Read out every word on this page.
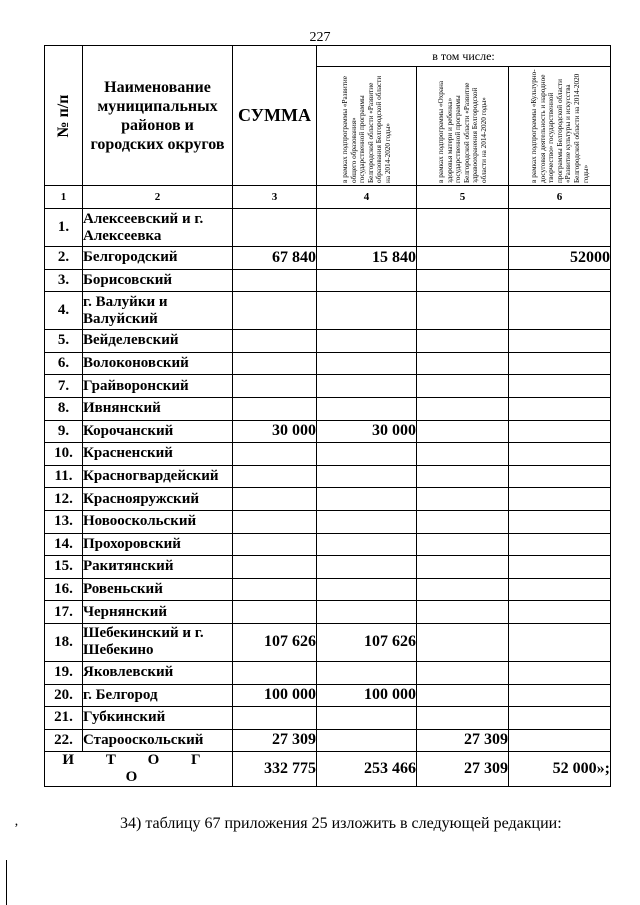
227
№ п/п	Наименование муниципальных районов и городских округов	СУММА	в том числе:		

			в рамках подпрограммы «Развитие общего образования» государственной программы Белгородской области «Развитие образования Белгородской области на 2014-2020 годы»	в рамках подпрограммы «Охрана здоровья матери и ребенка» государственной программы Белгородской области «Развитие здравоохранения Белгородской области на 2014-2020 годы»	в рамках подпрограммы «Культурно-досуговая деятельность и народное творчество» государственной программы Белгородской области «Развитие культуры и искусства Белгородской области на 2014-2020 годы»

1	2	3	4	5	6
1.	Алексеевский и г. Алексеевка				
2.	Белгородский	67 840	15 840		52000
3.	Борисовский				
4.	г. Валуйки и Валуйский				
5.	Вейделевский				
6.	Волоконовский				
7.	Грайворонский				
8.	Ивнянский				
9.	Корочанский	30 000	30 000		
10.	Красненский				
11.	Красногвардейский				
12.	Краснояружский				
13.	Новооскольский				
14.	Прохоровский				
15.	Ракитянский				
16.	Ровеньский				
17.	Чернянский				
18.	Шебекинский и г. Шебекино	107 626	107 626		
19.	Яковлевский				
20.	г. Белгород	100 000	100 000		
21.	Губкинский				
22.	Старооскольский	27 309		27 309	
И Т О Г О		332 775	253 466	27 309	52 000»;
‚	34) таблицу 67 приложения 25 изложить в следующей редакции:
